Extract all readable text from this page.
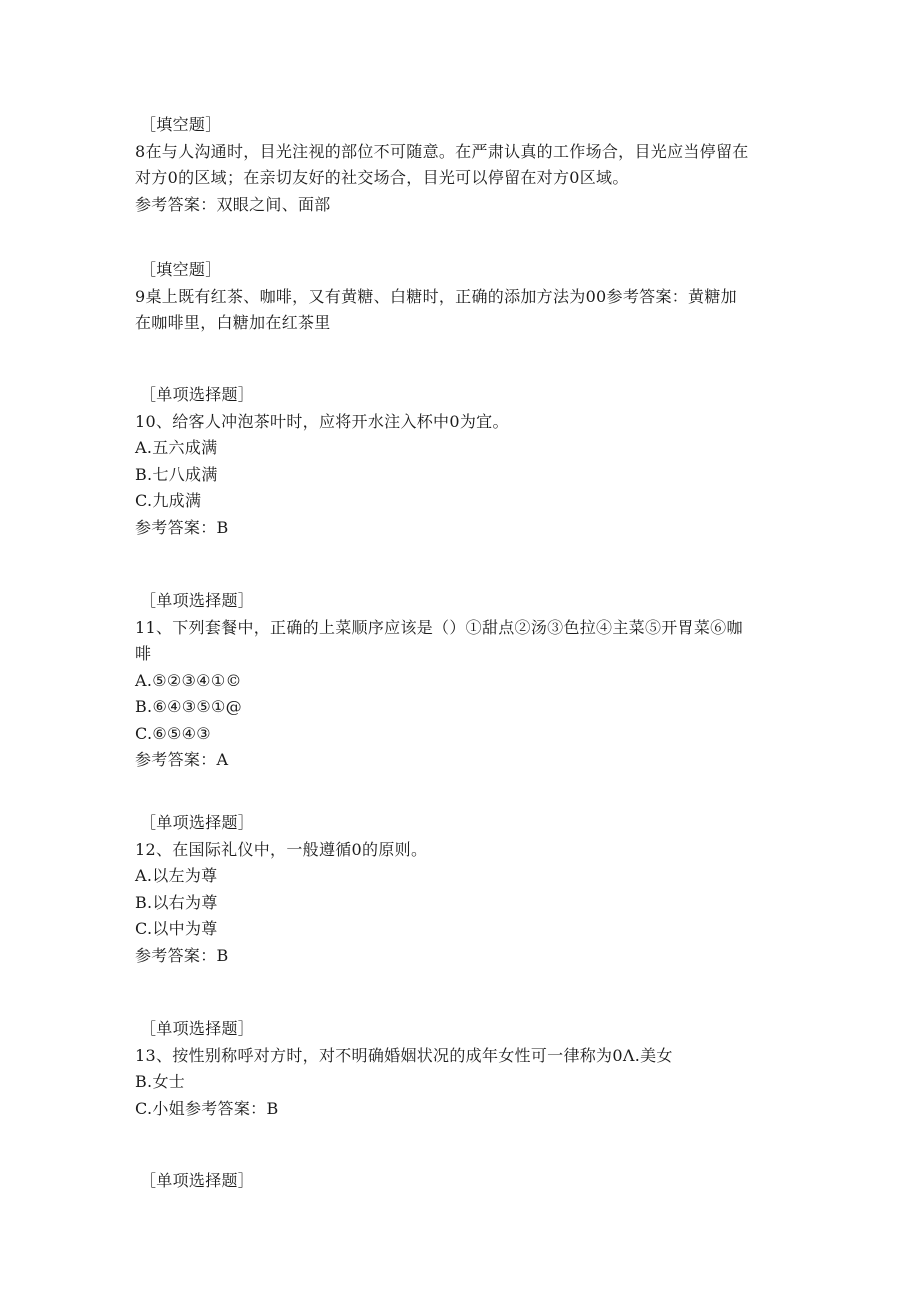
［填空题］

8在与人沟通时，目光注视的部位不可随意。在严肃认真的工作场合，目光应当停留在

对方0的区域；在亲切友好的社交场合，目光可以停留在对方0区域。

参考答案：双眼之间、面部

［填空题］

9桌上既有红茶、咖啡，又有黄糖、白糖时，正确的添加方法为00参考答案：黄糖加

在咖啡里，白糖加在红茶里

［单项选择题］

10、给客人冲泡茶叶时，应将开水注入杯中0为宜。

A.五六成满

B.七八成满

C.九成满

参考答案：B

［单项选择题］

11、下列套餐中，正确的上菜顺序应该是（）①甜点②汤③色拉④主菜⑤开胃菜⑥咖

啡

A.⑤②③④①©

B.⑥④③⑤①@

C.⑥⑤④③

参考答案：A

［单项选择题］

12、在国际礼仪中，一般遵循0的原则。

A.以左为尊

B.以右为尊

C.以中为尊

参考答案：B

［单项选择题］

13、按性别称呼对方时，对不明确婚姻状况的成年女性可一律称为0Λ.美女

B.女士

C.小姐参考答案：B

［单项选择题］
